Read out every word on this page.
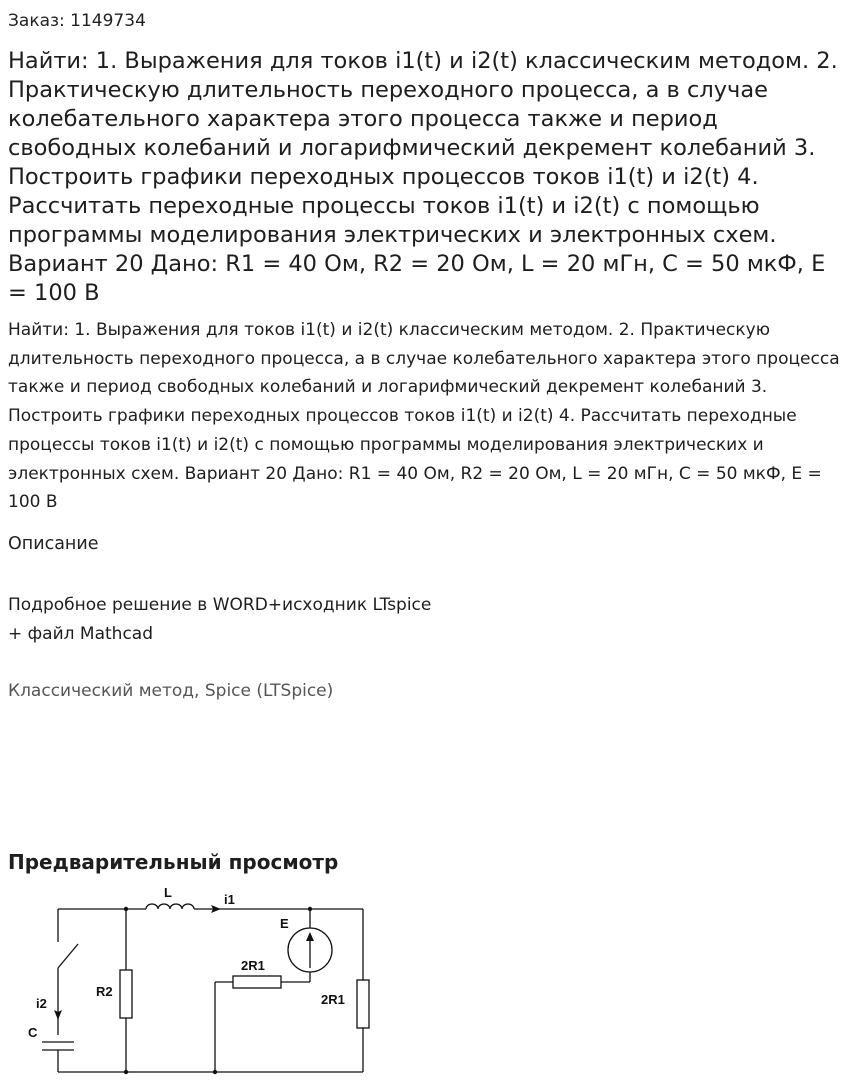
Заказ: 1149734
Найти: 1. Выражения для токов i1(t) и i2(t) классическим методом. 2. Практическую длительность переходного процесса, а в случае колебательного характера этого процесса также и период свободных колебаний и логарифмический декремент колебаний 3. Построить графики переходных процессов токов i1(t) и i2(t) 4. Рассчитать переходные процессы токов i1(t) и i2(t) с помощью программы моделирования электрических и электронных схем. Вариант 20 Дано: R1 = 40 Ом, R2 = 20 Ом, L = 20 мГн, С = 50 мкФ, Е = 100 В

Найти: 1. Выражения для токов i1(t) и i2(t) классическим методом. 2. Практическую длительность переходного процесса, а в случае колебательного характера этого процесса также и период свободных колебаний и логарифмический декремент колебаний 3. Построить графики переходных процессов токов i1(t) и i2(t) 4. Рассчитать переходные процессы токов i1(t) и i2(t) с помощью программы моделирования электрических и электронных схем. Вариант 20 Дано: R1 = 40 Ом, R2 = 20 Ом, L = 20 мГн, С = 50 мкФ, Е = 100 В

Описание
Подробное решение в WORD+исходник LTspice
+ файл Mathcad
Классический метод, Spice (LTSpice)
Предварительный просмотр
L	i1
E
R2
i2
C
2R1
2R1
